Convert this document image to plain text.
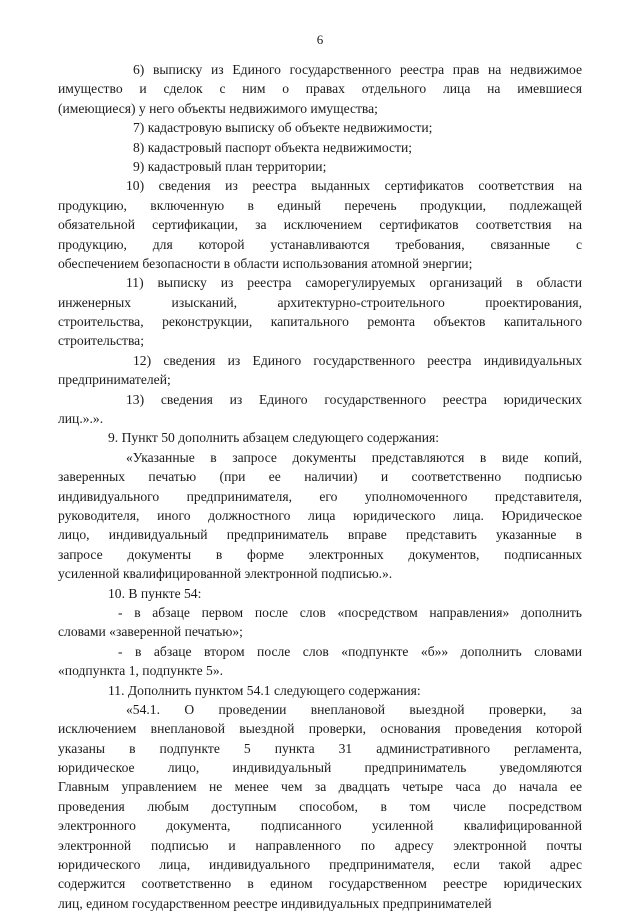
6
6) выписку из Единого государственного реестра прав на недвижимое
имущество и сделок с ним о правах отдельного лица на имевшиеся
(имеющиеся) у него объекты недвижимого имущества;
7) кадастровую выписку об объекте недвижимости;
8) кадастровый паспорт объекта недвижимости;
9) кадастровый план территории;
10) сведения из реестра выданных сертификатов соответствия на
продукцию, включенную в единый перечень продукции, подлежащей
обязательной сертификации, за исключением сертификатов соответствия на
продукцию, для которой устанавливаются требования, связанные с
обеспечением безопасности в области использования атомной энергии;
11) выписку из реестра саморегулируемых организаций в области
инженерных изысканий, архитектурно-строительного проектирования,
строительства, реконструкции, капитального ремонта объектов капитального
строительства;
12) сведения из Единого государственного реестра индивидуальных
предпринимателей;
13) сведения из Единого государственного реестра юридических
лиц.».».
9. Пункт 50 дополнить абзацем следующего содержания:
«Указанные в запросе документы представляются в виде копий,
заверенных печатью (при ее наличии) и соответственно подписью
индивидуального предпринимателя, его уполномоченного представителя,
руководителя, иного должностного лица юридического лица. Юридическое
лицо, индивидуальный предприниматель вправе представить указанные в
запросе документы в форме электронных документов, подписанных
усиленной квалифицированной электронной подписью.».
10. В пункте 54:
- в абзаце первом после слов «посредством направления» дополнить
словами «заверенной печатью»;
- в абзаце втором после слов «подпункте «б»» дополнить словами
«подпункта 1, подпункте 5».
11. Дополнить пунктом 54.1 следующего содержания:
«54.1. О проведении внеплановой выездной проверки, за
исключением внеплановой выездной проверки, основания проведения которой
указаны в подпункте 5 пункта 31 административного регламента,
юридическое лицо, индивидуальный предприниматель уведомляются
Главным управлением не менее чем за двадцать четыре часа до начала ее
проведения любым доступным способом, в том числе посредством
электронного документа, подписанного усиленной квалифицированной
электронной подписью и направленного по адресу электронной почты
юридического лица, индивидуального предпринимателя, если такой адрес
содержится соответственно в едином государственном реестре юридических
лиц, едином государственном реестре индивидуальных предпринимателей
